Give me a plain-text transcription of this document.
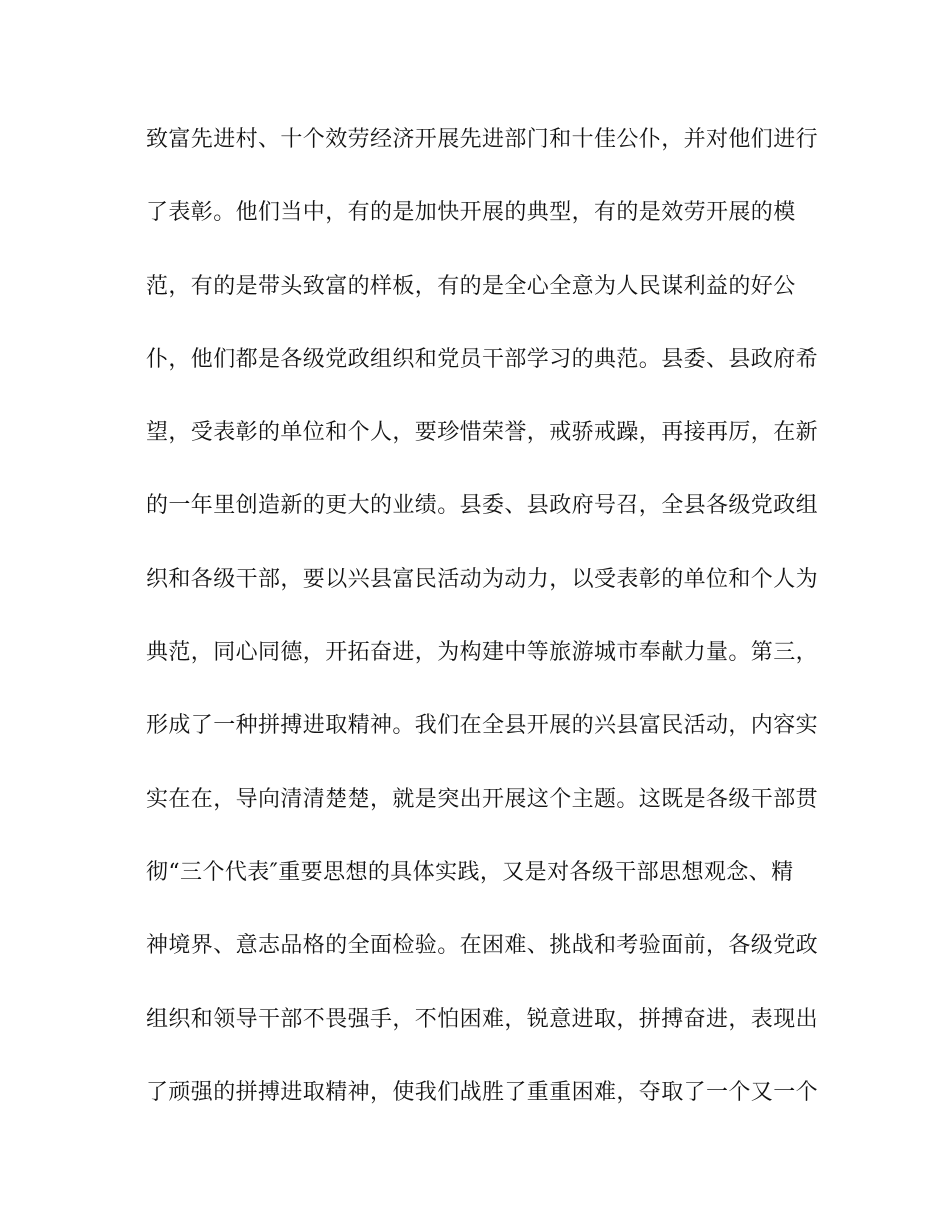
致富先进村、十个效劳经济开展先进部门和十佳公仆，并对他们进行
了表彰。他们当中，有的是加快开展的典型，有的是效劳开展的模
范，有的是带头致富的样板，有的是全心全意为人民谋利益的好公
仆，他们都是各级党政组织和党员干部学习的典范。县委、县政府希
望，受表彰的单位和个人，要珍惜荣誉，戒骄戒躁，再接再厉，在新
的一年里创造新的更大的业绩。县委、县政府号召，全县各级党政组
织和各级干部，要以兴县富民活动为动力，以受表彰的单位和个人为
典范，同心同德，开拓奋进，为构建中等旅游城市奉献力量。第三，
形成了一种拼搏进取精神。我们在全县开展的兴县富民活动，内容实
实在在，导向清清楚楚，就是突出开展这个主题。这既是各级干部贯
彻“三个代表″重要思想的具体实践，又是对各级干部思想观念、精
神境界、意志品格的全面检验。在困难、挑战和考验面前，各级党政
组织和领导干部不畏强手，不怕困难，锐意进取，拼搏奋进，表现出
了顽强的拼搏进取精神，使我们战胜了重重困难，夺取了一个又一个
